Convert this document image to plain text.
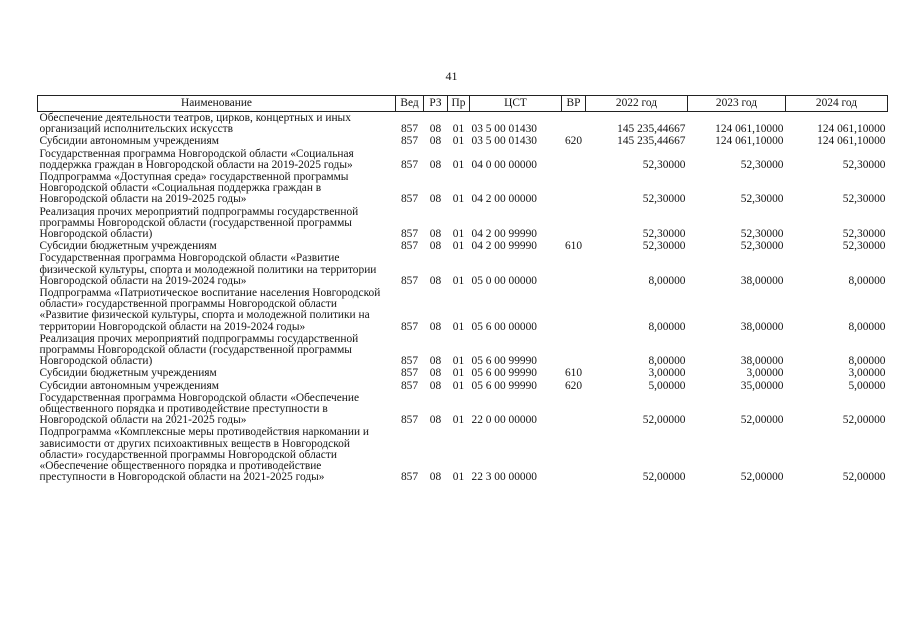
41
Наименование	Вед	РЗ	Пр	ЦСТ	ВР	2022 год	2023 год	2024 год
Обеспечение деятельности театров, цирков, концертных и иных организаций исполнительских искусств	857	08	01	03 5 00 01430		145 235,44667	124 061,10000	124 061,10000
Субсидии автономным учреждениям	857	08	01	03 5 00 01430	620	145 235,44667	124 061,10000	124 061,10000
Государственная программа Новгородской области «Социальная поддержка граждан в Новгородской области на 2019-2025 годы»	857	08	01	04 0 00 00000		52,30000	52,30000	52,30000
Подпрограмма «Доступная среда» государственной программы Новгородской области «Социальная поддержка граждан в Новгородской области на 2019-2025 годы»	857	08	01	04 2 00 00000		52,30000	52,30000	52,30000
Реализация прочих мероприятий подпрограммы государственной программы Новгородской области (государственной программы Новгородской области)	857	08	01	04 2 00 99990		52,30000	52,30000	52,30000
Субсидии бюджетным учреждениям	857	08	01	04 2 00 99990	610	52,30000	52,30000	52,30000
Государственная программа Новгородской области «Развитие физической культуры, спорта и молодежной политики на территории Новгородской области на 2019-2024 годы»	857	08	01	05 0 00 00000		8,00000	38,00000	8,00000
Подпрограмма «Патриотическое воспитание населения Новгородской области» государственной программы Новгородской области «Развитие физической культуры, спорта и молодежной политики на территории Новгородской области на 2019-2024 годы»	857	08	01	05 6 00 00000		8,00000	38,00000	8,00000
Реализация прочих мероприятий подпрограммы государственной программы Новгородской области (государственной программы Новгородской области)	857	08	01	05 6 00 99990		8,00000	38,00000	8,00000
Субсидии бюджетным учреждениям	857	08	01	05 6 00 99990	610	3,00000	3,00000	3,00000
Субсидии автономным учреждениям	857	08	01	05 6 00 99990	620	5,00000	35,00000	5,00000
Государственная программа Новгородской области «Обеспечение общественного порядка и противодействие преступности в Новгородской области на 2021-2025 годы»	857	08	01	22 0 00 00000		52,00000	52,00000	52,00000
Подпрограмма «Комплексные меры противодействия наркомании и зависимости от других психоактивных веществ в Новгородской области» государственной программы Новгородской области «Обеспечение общественного порядка и противодействие преступности в Новгородской области на 2021-2025 годы»	857	08	01	22 3 00 00000		52,00000	52,00000	52,00000
